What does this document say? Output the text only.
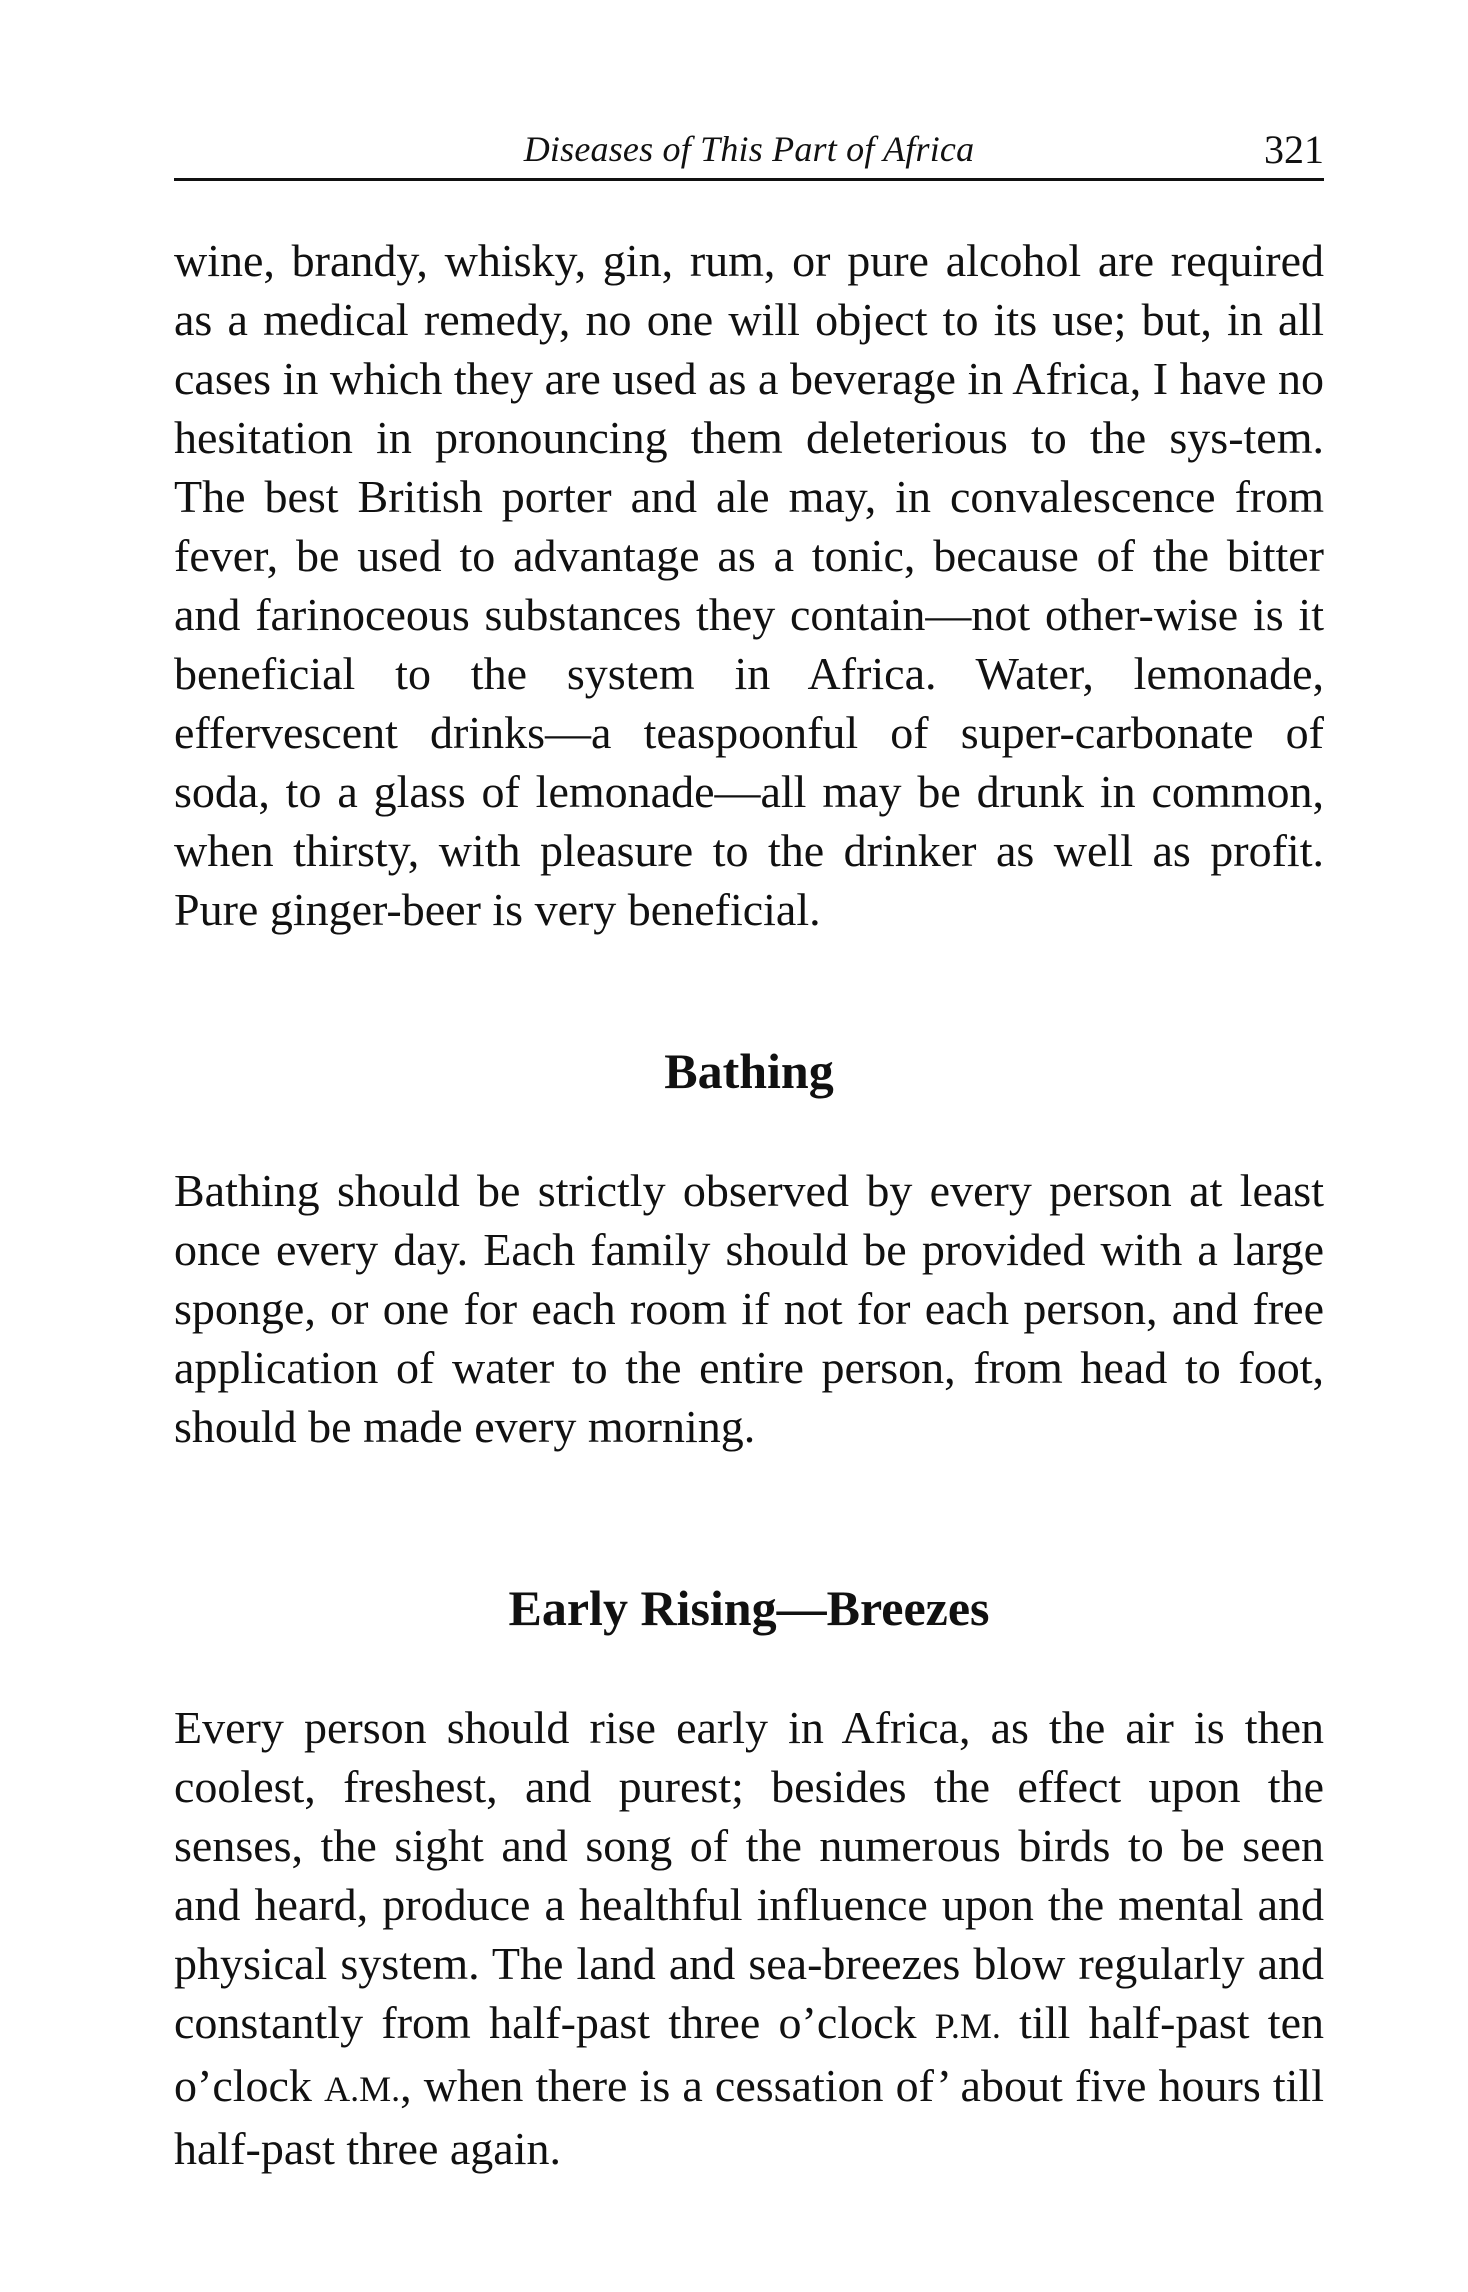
Diseases of This Part of Africa	321

wine, brandy, whisky, gin, rum, or pure alcohol are required as a medical remedy, no one will object to its use; but, in all cases in which they are used as a beverage in Africa, I have no hesitation in pronouncing them deleterious to the sys-tem. The best British porter and ale may, in convalescence from fever, be used to advantage as a tonic, because of the bitter and farinoceous substances they contain—not other-wise is it beneficial to the system in Africa. Water, lemonade, effervescent drinks—a teaspoonful of super-carbonate of soda, to a glass of lemonade—all may be drunk in common, when thirsty, with pleasure to the drinker as well as profit. Pure ginger-beer is very beneficial.

Bathing

Bathing should be strictly observed by every person at least once every day. Each family should be provided with a large sponge, or one for each room if not for each person, and free application of water to the entire person, from head to foot, should be made every morning.

Early Rising—Breezes

Every person should rise early in Africa, as the air is then coolest, freshest, and purest; besides the effect upon the senses, the sight and song of the numerous birds to be seen and heard, produce a healthful influence upon the mental and physical system. The land and sea-breezes blow regularly and constantly from half-past three o’clock P.M. till half-past ten o’clock A.M., when there is a cessation of’ about five hours till half-past three again.
